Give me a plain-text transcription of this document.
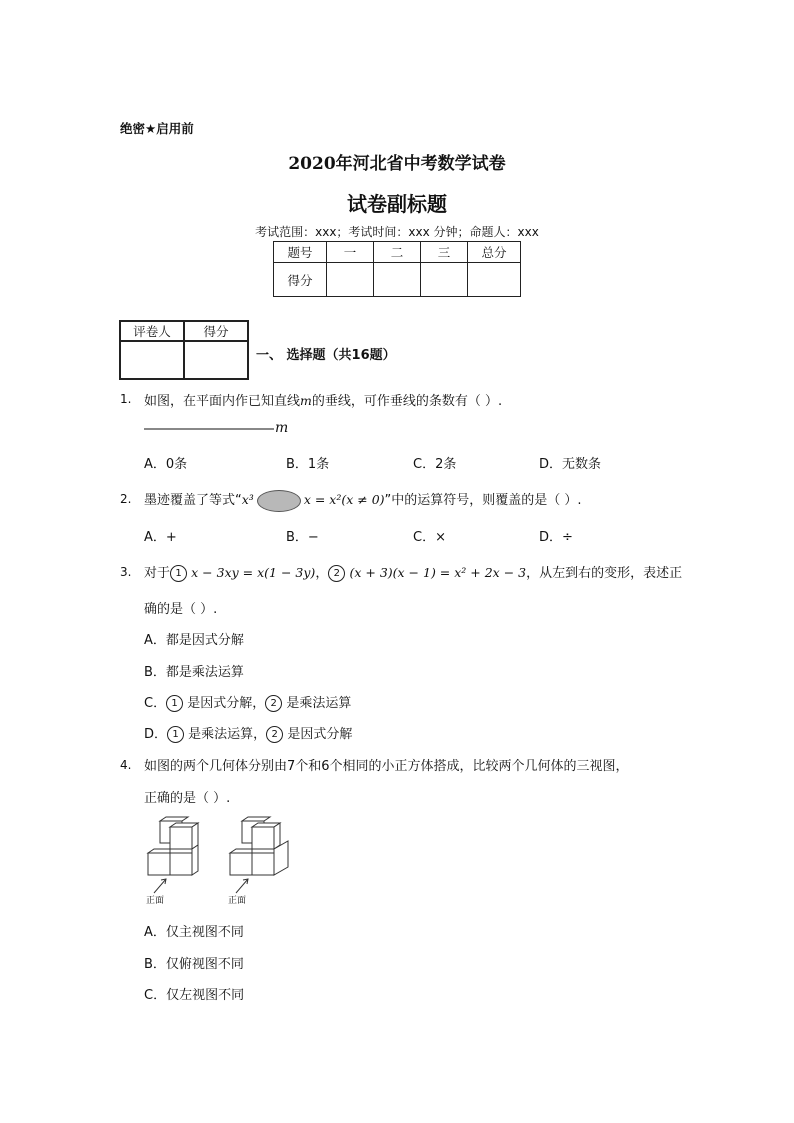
绝密★启用前
2020年河北省中考数学试卷
试卷副标题
考试范围：xxx；考试时间：xxx 分钟；命题人：xxx
题号	一	二	三	总分
得分				
评卷人	得分

一、 选择题（共16题）
1. 如图，在平面内作已知直线m的垂线，可作垂线的条数有（ ）.
m
A．0条	B．1条	C．2条	D．无数条
2. 墨迹覆盖了等式“x³	x = x²(x ≠ 0)”中的运算符号，则覆盖的是（ ）.
A．+	B．−	C．×	D．÷
3. 对于 1 x − 3xy = x(1 − 3y)， 2 (x + 3)(x − 1) = x² + 2x − 3，从左到右的变形，表述正
确的是（ ）.
A．都是因式分解
B．都是乘法运算
C． 1 是因式分解， 2 是乘法运算
D． 1 是乘法运算， 2 是因式分解
4. 如图的两个几何体分别由7个和6个相同的小正方体搭成，比较两个几何体的三视图，
正确的是（ ）.
正面	正面
A．仅主视图不同
B．仅俯视图不同
C．仅左视图不同
